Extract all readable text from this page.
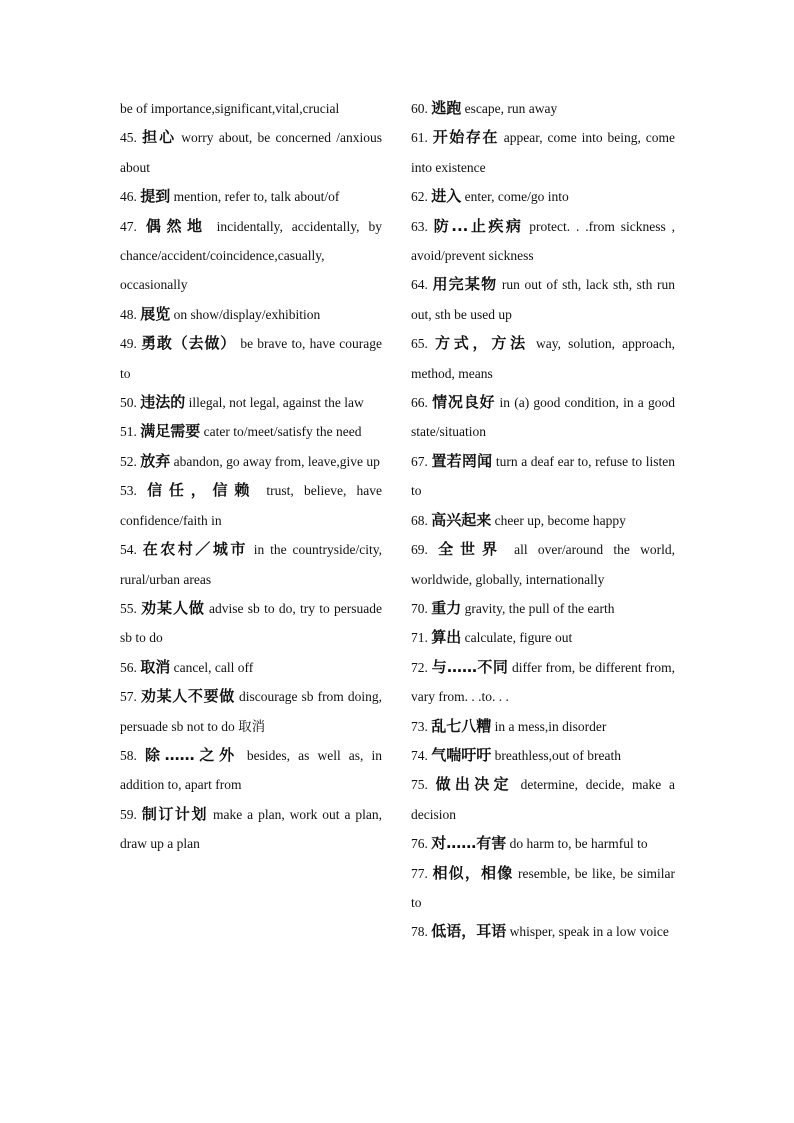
be of importance,significant,vital,crucial
45. 担心 worry about, be concerned /anxious about
46. 提到 mention, refer to, talk about/of
47. 偶然地 incidentally, accidentally, by chance/accident/coincidence,casually, occasionally
48. 展览 on show/display/exhibition
49. 勇敢（去做） be brave to, have courage to
50. 违法的 illegal, not legal, against the law
51. 满足需要 cater to/meet/satisfy the need
52. 放弃 abandon, go away from, leave,give up
53. 信任，信赖 trust, believe, have confidence/faith in
54. 在农村／城市 in the countryside/city, rural/urban areas
55. 劝某人做 advise sb to do, try to persuade sb to do
56. 取消 cancel, call off
57. 劝某人不要做 discourage sb from doing, persuade sb not to do 取消
58. 除……之外 besides, as well as, in addition to, apart from
59. 制订计划 make a plan, work out a plan, draw up a plan
60. 逃跑 escape, run away
61. 开始存在 appear, come into being, come into existence
62. 进入 enter, come/go into
63. 防...止疾病 protect. . .from sickness , avoid/prevent sickness
64. 用完某物 run out of sth, lack sth, sth run out, sth be used up
65. 方式，方法 way, solution, approach, method, means
66. 情况良好 in (a) good condition, in a good state/situation
67. 置若罔闻 turn a deaf ear to, refuse to listen to
68. 高兴起来 cheer up, become happy
69. 全世界 all over/around the world, worldwide, globally, internationally
70. 重力 gravity, the pull of the earth
71. 算出 calculate, figure out
72. 与……不同 differ from, be different from, vary from. . .to. . .
73. 乱七八糟 in a mess,in disorder
74. 气喘吁吁 breathless,out of breath
75. 做出决定 determine, decide, make a decision
76. 对……有害 do harm to, be harmful to
77. 相似，相像 resemble, be like, be similar to
78. 低语，耳语 whisper, speak in a low voice
